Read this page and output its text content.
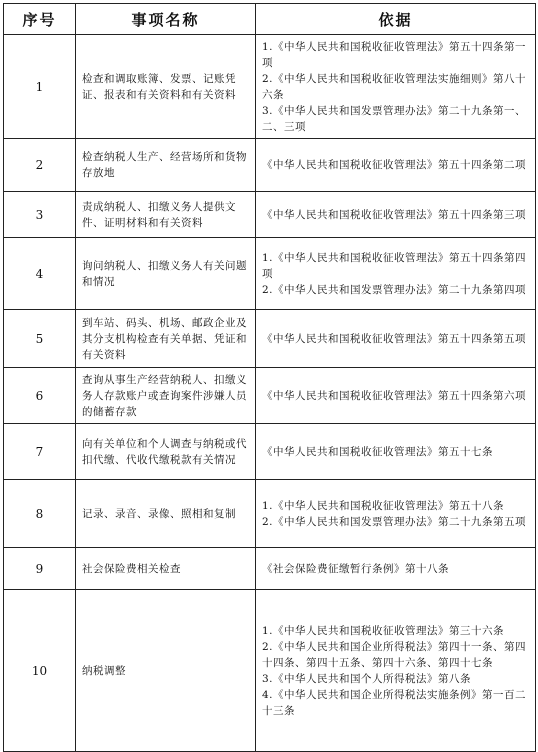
序号	事项名称	依据
1	检查和调取账簿、发票、记账凭证、报表和有关资料和有关资料	1.《中华人民共和国税收征收管理法》第五十四条第一项
2.《中华人民共和国税收征收管理法实施细则》第八十六条
3.《中华人民共和国发票管理办法》第二十九条第一、二、三项

2	检查纳税人生产、经营场所和货物存放地	《中华人民共和国税收征收管理法》第五十四条第二项

3	责成纳税人、扣缴义务人提供文件、证明材料和有关资料	《中华人民共和国税收征收管理法》第五十四条第三项

4	询问纳税人、扣缴义务人有关问题和情况	1.《中华人民共和国税收征收管理法》第五十四条第四项
2.《中华人民共和国发票管理办法》第二十九条第四项

5	到车站、码头、机场、邮政企业及其分支机构检查有关单据、凭证和有关资料	《中华人民共和国税收征收管理法》第五十四条第五项

6	查询从事生产经营纳税人、扣缴义务人存款账户或查询案件涉嫌人员的储蓄存款	《中华人民共和国税收征收管理法》第五十四条第六项

7	向有关单位和个人调查与纳税或代扣代缴、代收代缴税款有关情况	《中华人民共和国税收征收管理法》第五十七条

8	记录、录音、录像、照相和复制	1.《中华人民共和国税收征收管理法》第五十八条
2.《中华人民共和国发票管理办法》第二十九条第五项

9	社会保险费相关检查	《社会保险费征缴暂行条例》第十八条

10	纳税调整	1.《中华人民共和国税收征收管理法》第三十六条
2.《中华人民共和国企业所得税法》第四十一条、第四十四条、第四十五条、第四十六条、第四十七条
3.《中华人民共和国个人所得税法》第八条
4.《中华人民共和国企业所得税法实施条例》第一百二十三条
